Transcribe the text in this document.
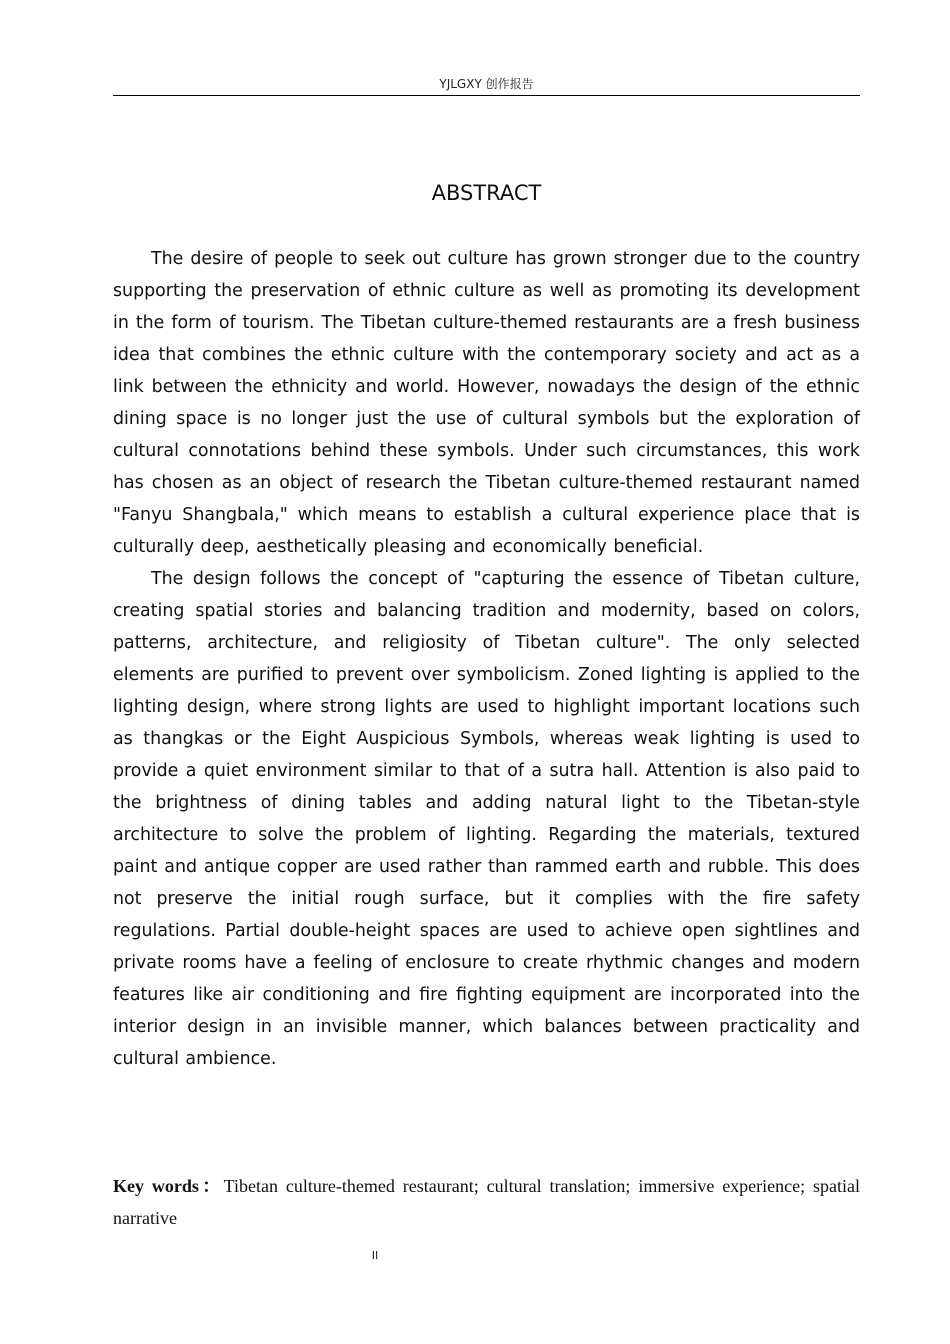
YJLGXY 创作报告
ABSTRACT

The desire of people to seek out culture has grown stronger due to the country supporting the preservation of ethnic culture as well as promoting its development in the form of tourism. The Tibetan culture-themed restaurants are a fresh business idea that combines the ethnic culture with the contemporary society and act as a link between the ethnicity and world. However, nowadays the design of the ethnic dining space is no longer just the use of cultural symbols but the exploration of cultural connotations behind these symbols. Under such circumstances, this work has chosen as an object of research the Tibetan culture-themed restaurant named "Fanyu Shangbala," which means to establish a cultural experience place that is culturally deep, aesthetically pleasing and economically beneficial.

The design follows the concept of "capturing the essence of Tibetan culture, creating spatial stories and balancing tradition and modernity, based on colors, patterns, architecture, and religiosity of Tibetan culture". The only selected elements are purified to prevent over symbolicism. Zoned lighting is applied to the lighting design, where strong lights are used to highlight important locations such as thangkas or the Eight Auspicious Symbols, whereas weak lighting is used to provide a quiet environment similar to that of a sutra hall. Attention is also paid to the brightness of dining tables and adding natural light to the Tibetan-style architecture to solve the problem of lighting. Regarding the materials, textured paint and antique copper are used rather than rammed earth and rubble. This does not preserve the initial rough surface, but it complies with the fire safety regulations. Partial double-height spaces are used to achieve open sightlines and private rooms have a feeling of enclosure to create rhythmic changes and modern features like air conditioning and fire fighting equipment are incorporated into the interior design in an invisible manner, which balances between practicality and cultural ambience.

Key words：Tibetan culture-themed restaurant; cultural translation; immersive experience; spatial narrative
II
